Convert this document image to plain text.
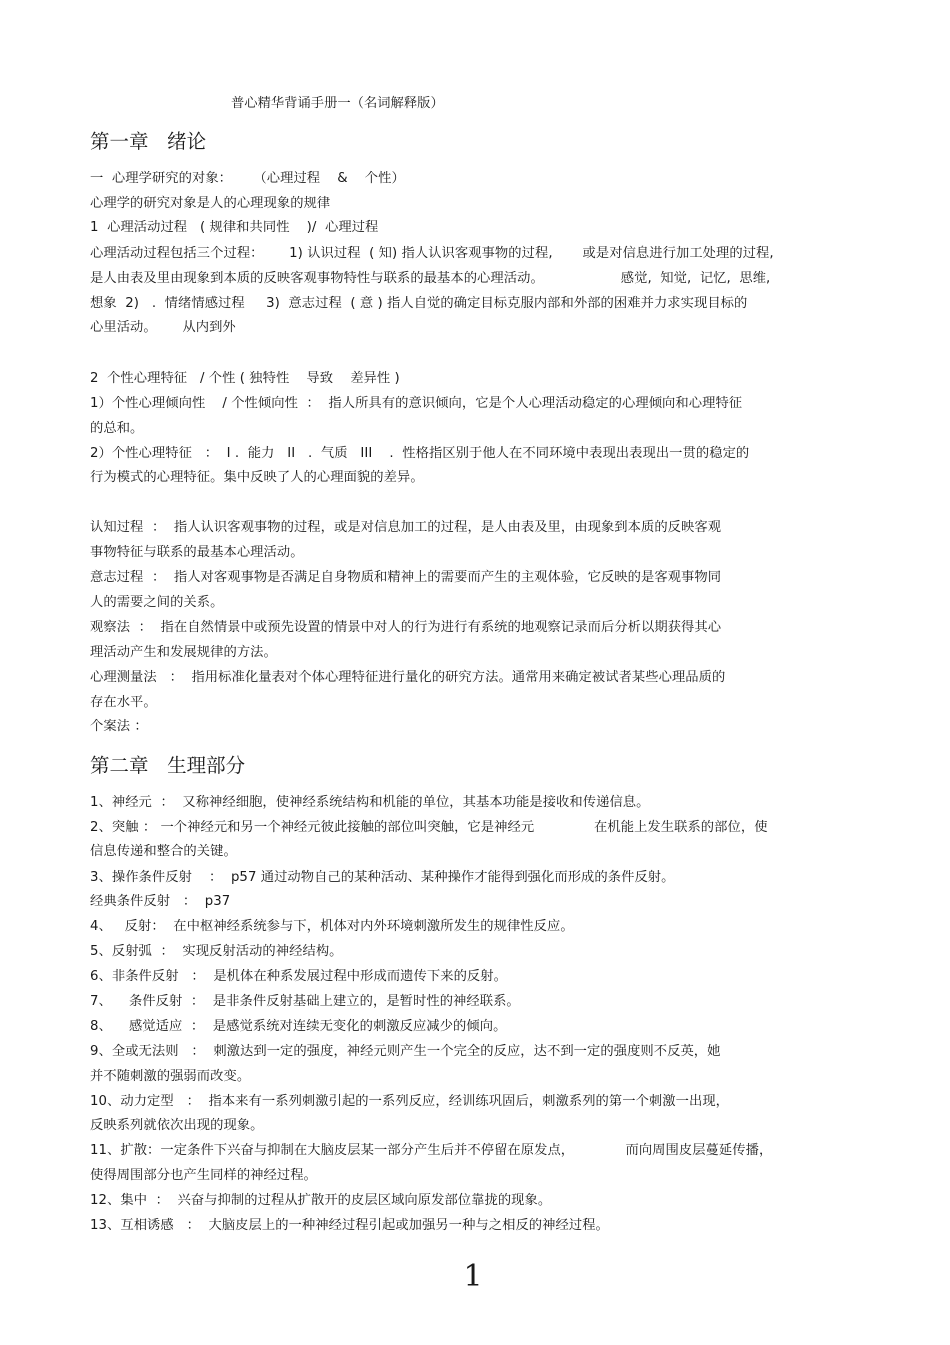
普心精华背诵手册一（名词解释版）

第一章   绪论

一  心理学研究的对象：     （心理过程    &    个性）

心理学的研究对象是人的心理现象的规律

1  心理活动过程   ( 规律和共同性    )/  心理过程

心理活动过程包括三个过程：      1) 认识过程  ( 知) 指人认识客观事物的过程,       或是对信息进行加工处理的过程,

是人由表及里由现象到本质的反映客观事物特性与联系的最基本的心理活动。                  感觉,  知觉,  记忆,  思维,

想象  2)   .  情绪情感过程     3)  意志过程  ( 意 ) 指人自觉的确定目标克服内部和外部的困难并力求实现目标的

心里活动。      从内到外

2  个性心理特征   / 个性 ( 独特性    导致    差异性 )

1）个性心理倾向性    / 个性倾向性  ：  指人所具有的意识倾向，它是个人心理活动稳定的心理倾向和心理特征

的总和。

2）个性心理特征   ：  I .  能力   II   .  气质   III    .  性格指区别于他人在不同环境中表现出表现出一贯的稳定的

行为模式的心理特征。集中反映了人的心理面貌的差异。

认知过程  ：  指人认识客观事物的过程，或是对信息加工的过程，是人由表及里，由现象到本质的反映客观

事物特征与联系的最基本心理活动。

意志过程  ：  指人对客观事物是否满足自身物质和精神上的需要而产生的主观体验，它反映的是客观事物同

人的需要之间的关系。

观察法  ：  指在自然情景中或预先设置的情景中对人的行为进行有系统的地观察记录而后分析以期获得其心

理活动产生和发展规律的方法。

心理测量法   ：  指用标准化量表对个体心理特征进行量化的研究方法。通常用来确定被试者某些心理品质的

存在水平。

个案法 ：

第二章   生理部分

1、神经元  ：  又称神经细胞，使神经系统结构和机能的单位，其基本功能是接收和传递信息。

2、突触 ： 一个神经元和另一个神经元彼此接触的部位叫突触，它是神经元              在机能上发生联系的部位，使

信息传递和整合的关键。

3、操作条件反射    ：  p57 通过动物自己的某种活动、某种操作才能得到强化而形成的条件反射。

经典条件反射   ：  p37

4、   反射：  在中枢神经系统参与下，机体对内外环境刺激所发生的规律性反应。

5、反射弧  ：  实现反射活动的神经结构。

6、非条件反射   ：  是机体在种系发展过程中形成而遗传下来的反射。

7、    条件反射  ：  是非条件反射基础上建立的，是暂时性的神经联系。

8、    感觉适应  ：  是感觉系统对连续无变化的刺激反应减少的倾向。

9、全或无法则   ：  刺激达到一定的强度，神经元则产生一个完全的反应，达不到一定的强度则不反英，她

并不随刺激的强弱而改变。

10、动力定型   ：  指本来有一系列刺激引起的一系列反应，经训练巩固后，刺激系列的第一个刺激一出现，

反映系列就依次出现的现象。

11、扩散：一定条件下兴奋与抑制在大脑皮层某一部分产生后并不停留在原发点，            而向周围皮层蔓延传播，

使得周围部分也产生同样的神经过程。

12、集中  ：  兴奋与抑制的过程从扩散开的皮层区域向原发部位靠拢的现象。

13、互相诱感   ：  大脑皮层上的一种神经过程引起或加强另一种与之相反的神经过程。

1
